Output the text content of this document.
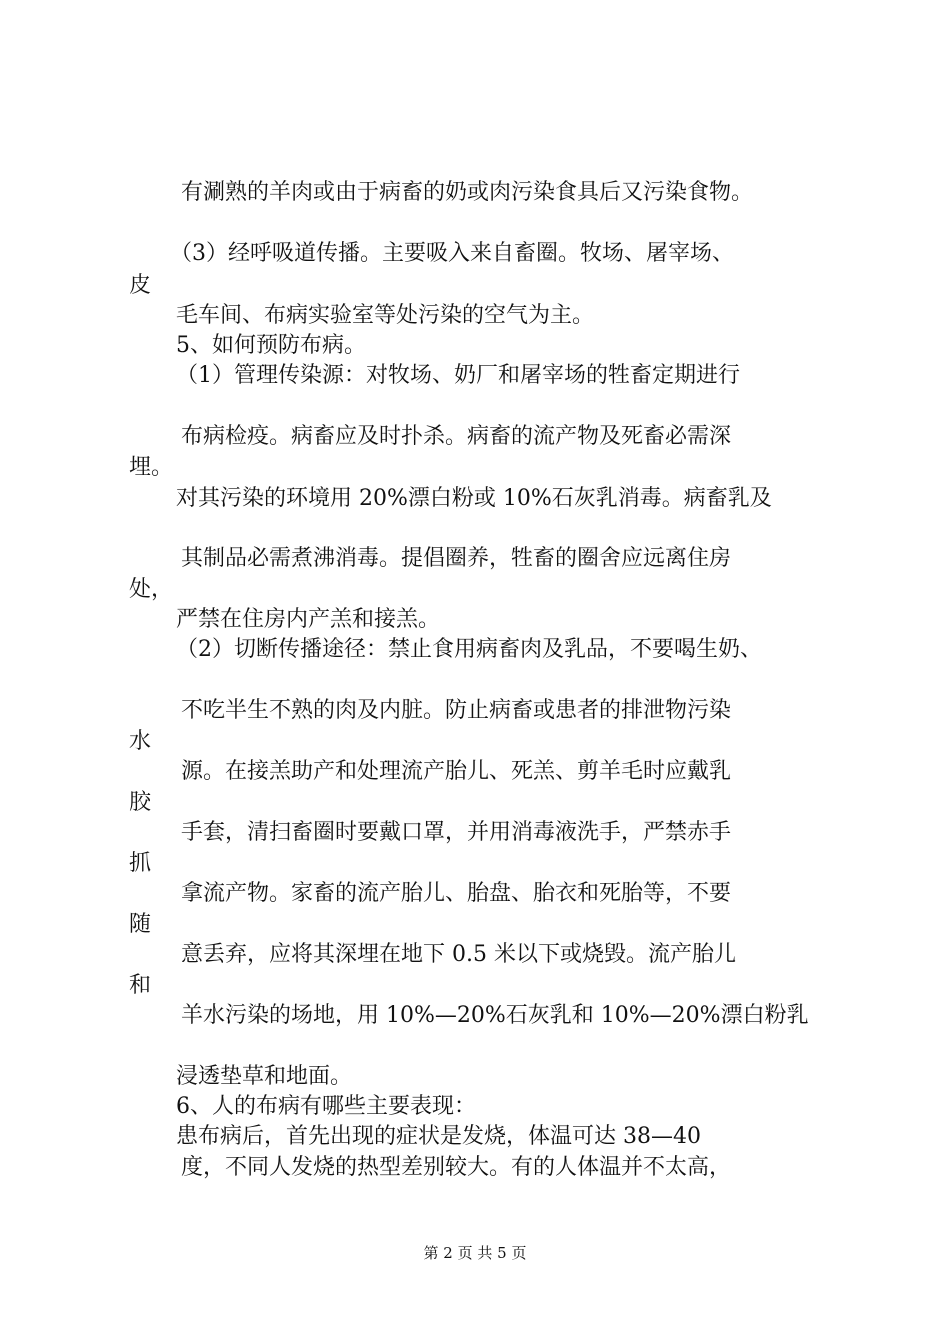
有涮熟的羊肉或由于病畜的奶或肉污染食具后又污染食物。
（3）经呼吸道传播。主要吸入来自畜圈。牧场、屠宰场、
皮
毛车间、布病实验室等处污染的空气为主。
5、如何预防布病。
（1）管理传染源：对牧场、奶厂和屠宰场的牲畜定期进行
布病检疫。病畜应及时扑杀。病畜的流产物及死畜必需深
埋。
对其污染的环境用 20%漂白粉或 10%石灰乳消毒。病畜乳及
其制品必需煮沸消毒。提倡圈养，牲畜的圈舍应远离住房
处，
严禁在住房内产羔和接羔。
（2）切断传播途径：禁止食用病畜肉及乳品，不要喝生奶、
不吃半生不熟的肉及内脏。防止病畜或患者的排泄物污染
水
源。在接羔助产和处理流产胎儿、死羔、剪羊毛时应戴乳
胶
手套，清扫畜圈时要戴口罩，并用消毒液洗手，严禁赤手
抓
拿流产物。家畜的流产胎儿、胎盘、胎衣和死胎等，不要
随
意丢弃，应将其深埋在地下 0.5 米以下或烧毁。流产胎儿
和
羊水污染的场地，用 10%—20%石灰乳和 10%—20%漂白粉乳
浸透垫草和地面。
6、人的布病有哪些主要表现：
患布病后，首先出现的症状是发烧，体温可达 38—40
度，不同人发烧的热型差别较大。有的人体温并不太高，
第 2 页 共 5 页
